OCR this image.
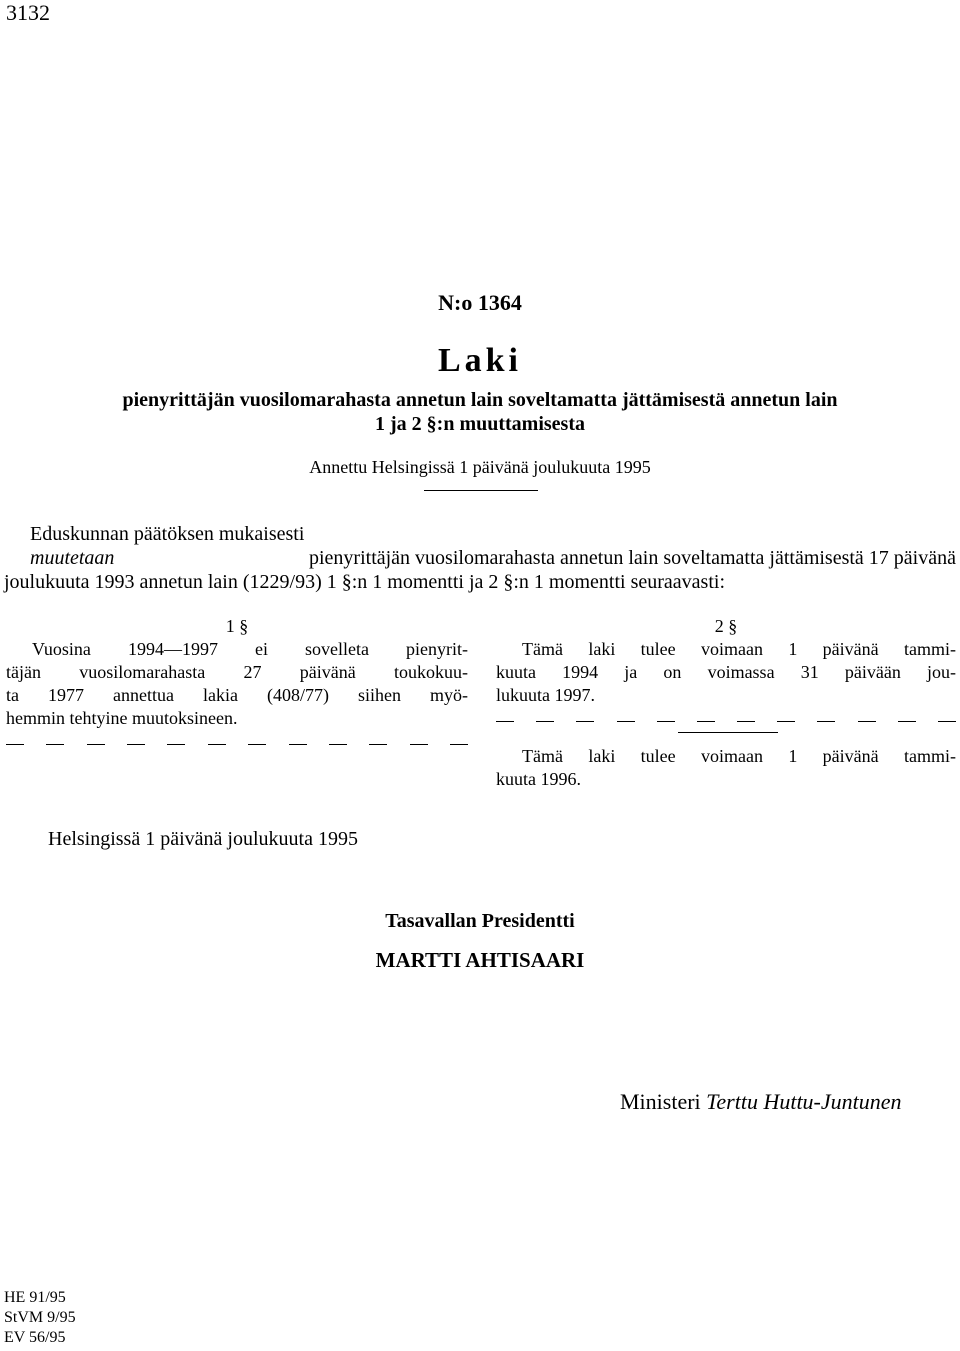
3132
N:o 1364
Laki
pienyrittäjän vuosilomarahasta annetun lain soveltamatta jättämisestä annetun lain
1 ja 2 §:n muuttamisesta
Annettu Helsingissä 1 päivänä joulukuuta 1995
Eduskunnan päätöksen mukaisesti
muutetaan	pienyrittäjän vuosilomarahasta annetun lain soveltamatta jättämisestä 17 päivänä
joulukuuta 1993 annetun lain (1229/93) 1 §:n 1 momentti ja 2 §:n 1 momentti seuraavasti:
1 §
Vuosina 1994—1997 ei sovelleta pienyrit-
täjän vuosilomarahasta 27 päivänä toukokuu-
ta 1977 annettua lakia (408/77) siihen myö-
hemmin tehtyine muutoksineen.
2 §
Tämä laki tulee voimaan 1 päivänä tammi-
kuuta 1994 ja on voimassa 31 päivään jou-
lukuuta 1997.
Tämä laki tulee voimaan 1 päivänä tammi-
kuuta 1996.
Helsingissä 1 päivänä joulukuuta 1995
Tasavallan Presidentti
MARTTI AHTISAARI
Ministeri Terttu Huttu-Juntunen
HE 91/95
StVM 9/95
EV 56/95
